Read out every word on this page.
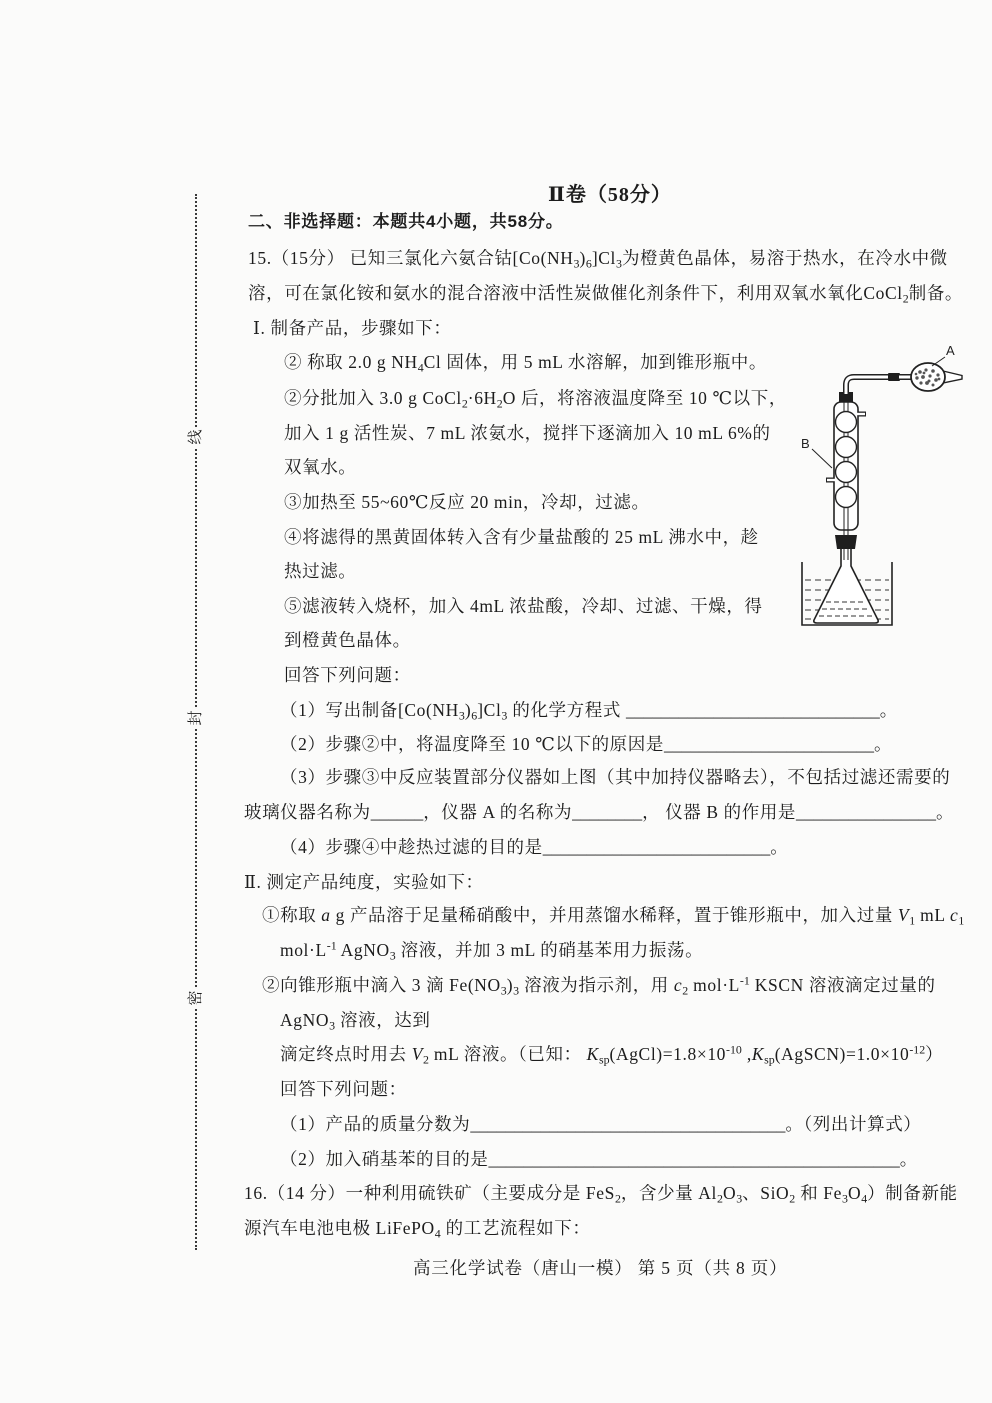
线
封
密
Ⅱ卷（58分）
二、非选择题：本题共4小题，共58分。
15.（15分） 已知三氯化六氨合钴$[Co(NH_3)_6]Cl_3$为橙黄色晶体，易溶于热水，在冷水中微
溶，可在氯化铵和氨水的混合溶液中活性炭做催化剂条件下，利用双氧水氧化CoCl$_2$制备。
Ⅰ. 制备产品，步骤如下：
② 称取 2.0 g $NH_4Cl$ 固体，用 5 mL 水溶解，加到锥形瓶中。
②分批加入 3.0 g $CoCl_2\cdot 6H_2O$ 后，将溶液温度降至 10 ℃以下，
加入 1 g 活性炭、7 mL 浓氨水，搅拌下逐滴加入 10 mL 6%的
双氧水。
③加热至 55~60℃反应 20 min，冷却，过滤。
④将滤得的黑黄固体转入含有少量盐酸的 25 mL 沸水中，趁
热过滤。
⑤滤液转入烧杯，加入 4mL 浓盐酸，冷却、过滤、干燥，得
到橙黄色晶体。
回答下列问题：
（1）写出制备$[Co(NH_3)_6]Cl_3$ 的化学方程式 _____________________________。
（2）步骤②中，将温度降至 10 ℃以下的原因是________________________。
（3）步骤③中反应装置部分仪器如上图（其中加持仪器略去），不包括过滤还需要的
玻璃仪器名称为______，仪器 A 的名称为________， 仪器 B 的作用是________________。
（4）步骤④中趁热过滤的目的是__________________________。
Ⅱ. 测定产品纯度，实验如下：
①称取 a g 产品溶于足量稀硝酸中，并用蒸馏水稀释，置于锥形瓶中，加入过量 $V_1$ mL $c_1$
$mol\cdot L^{-1}$ AgNO$_3$ 溶液，并加 3 mL 的硝基苯用力振荡。
②向锥形瓶中滴入 3 滴 $Fe(NO_3)_3$ 溶液为指示剂，用 $c_2$ $mol\cdot L^{-1}$ KSCN 溶液滴定过量的
AgNO$_3$ 溶液，达到
滴定终点时用去 $V_2$ mL 溶液。（已知： $K_{sp}(AgCl)=1.8\times 10^{-10}$ $,K_{sp}(AgSCN)=1.0\times 10^{-12}$）
回答下列问题：
（1）产品的质量分数为____________________________________。（列出计算式）
（2）加入硝基苯的目的是_______________________________________________。
16.（14 分）一种利用硫铁矿（主要成分是 FeS$_2$，含少量 $Al_2O_3$、SiO$_2$ 和 $Fe_3O_4$）制备新能
源汽车电池电极 LiFePO$_4$ 的工艺流程如下：
A
B
高三化学试卷（唐山一模） 第 5 页（共 8 页）
